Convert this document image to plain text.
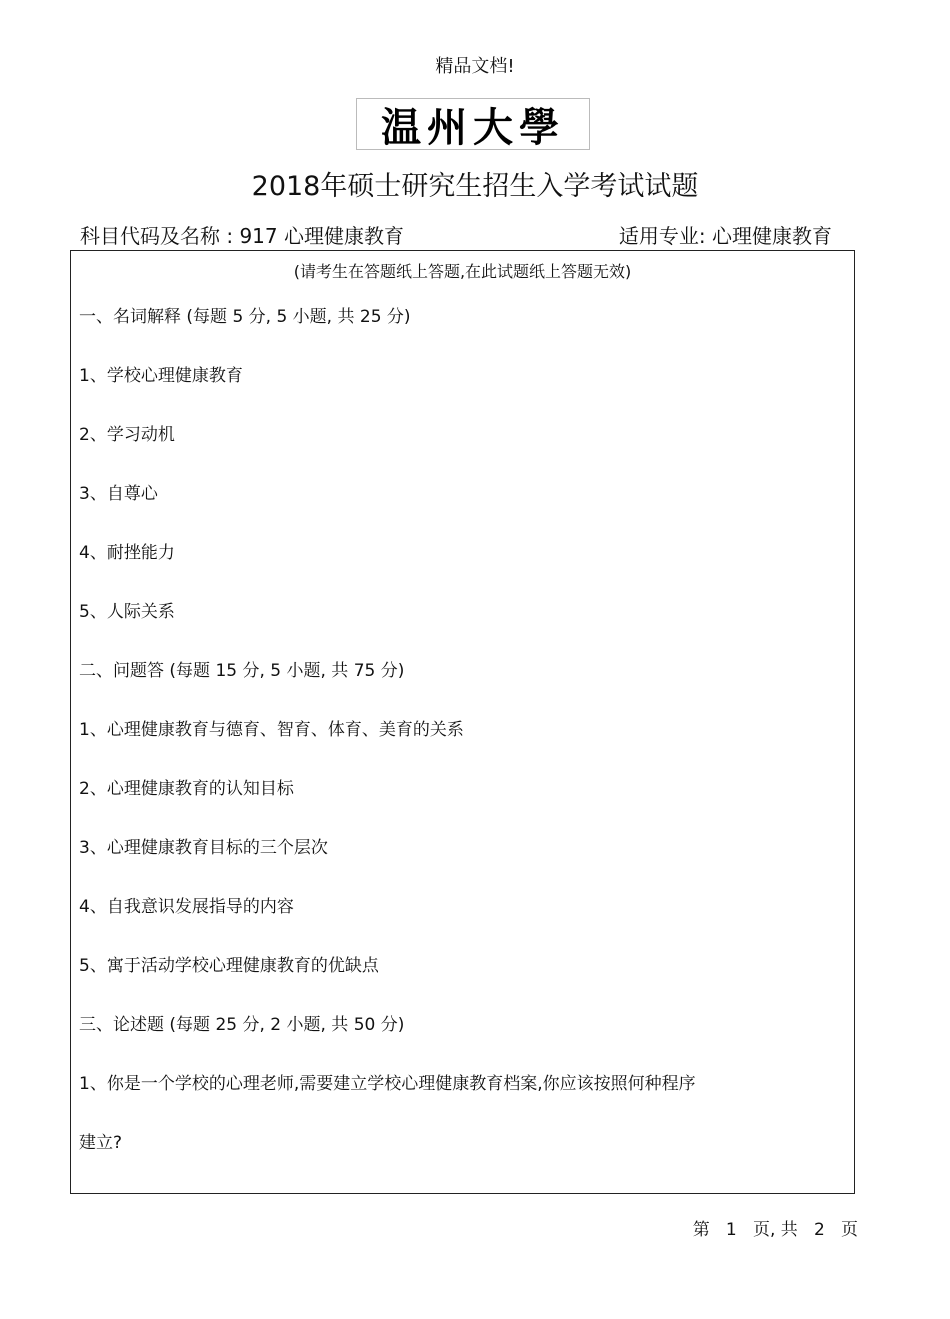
精品文档!
温州大學
2018年硕士研究生招生入学考试试题
科目代码及名称 : 917 心理健康教育	适用专业: 心理健康教育
(请考生在答题纸上答题,在此试题纸上答题无效)
一、名词解释 (每题 5 分, 5 小题, 共 25 分)
1、学校心理健康教育
2、学习动机
3、自尊心
4、耐挫能力
5、人际关系
二、问题答 (每题 15 分, 5 小题, 共 75 分)
1、心理健康教育与德育、智育、体育、美育的关系
2、心理健康教育的认知目标
3、心理健康教育目标的三个层次
4、自我意识发展指导的内容
5、寓于活动学校心理健康教育的优缺点
三、论述题 (每题 25 分, 2 小题, 共 50 分)
1、你是一个学校的心理老师,需要建立学校心理健康教育档案,你应该按照何种程序
建立?
第   1   页, 共   2   页
